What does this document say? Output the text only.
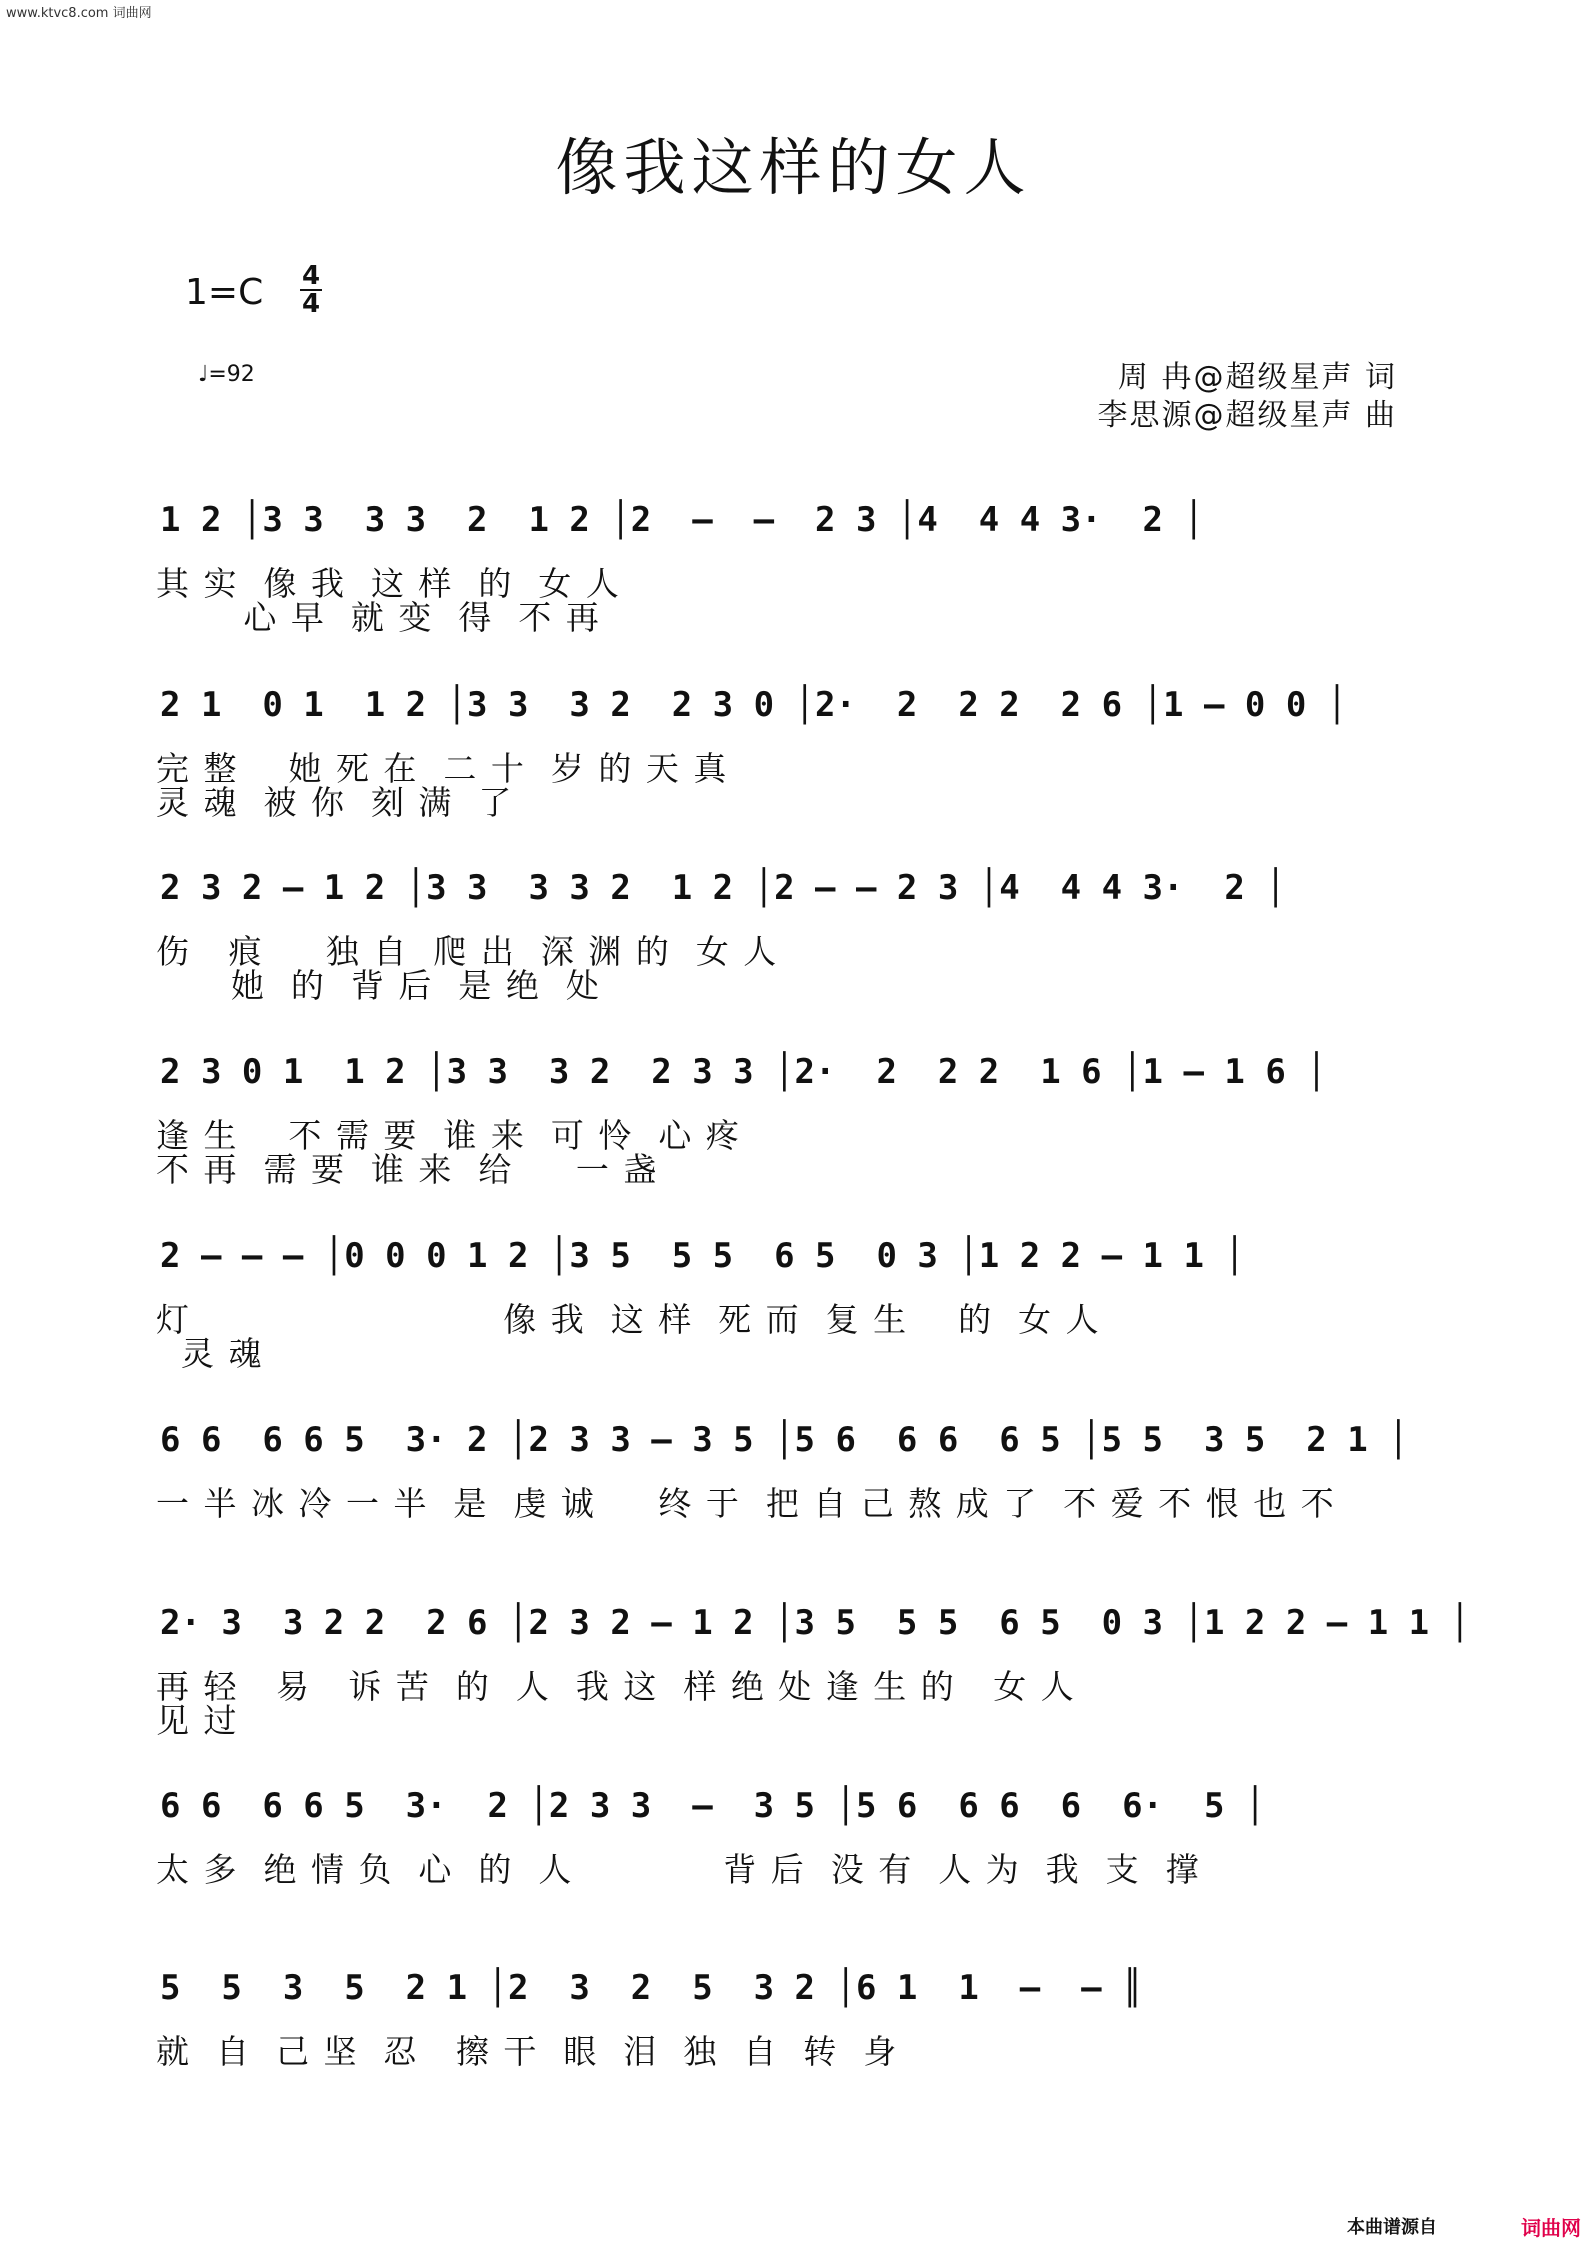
www.ktvc8.com 词曲网
像我这样的女人
1=C 4
4
♩=92	周 冉@超级星声 词
李思源@超级星声 曲
1 2 │3 3  3 3  2  1 2 │2  –  –  2 3 │4  4 4 3·  2 │
其 实  像 我  这 样  的  女 人
心 早  就 变  得  不 再
2 1  0 1  1 2 │3 3  3 2  2 3 0 │2·  2  2 2  2 6 │1 – 0 0 │
完 整    她 死 在  二 十  岁 的 天 真
灵 魂  被 你  刻 满  了
2 3 2 – 1 2 │3 3  3 3 2  1 2 │2 – – 2 3 │4  4 4 3·  2 │
伤   痕     独 自  爬 出  深 渊 的  女 人
她  的  背 后  是 绝  处
2 3 0 1  1 2 │3 3  3 2  2 3 3 │2·  2  2 2  1 6 │1 – 1 6 │
逢 生    不 需 要  谁 来  可 怜  心 疼
不 再  需 要  谁 来  给     一 盏
2 – – – │0 0 0 1 2 │3 5  5 5  6 5  0 3 │1 2 2 – 1 1 │
灯                         像 我  这 样  死 而  复 生    的  女 人
灵 魂
6 6  6 6 5  3· 2 │2 3 3 – 3 5 │5 6  6 6  6 5 │5 5  3 5  2 1 │
一 半 冰 冷 一 半  是  虔 诚     终 于  把 自 己 熬 成 了  不 爱 不 恨 也 不
2· 3  3 2 2  2 6 │2 3 2 – 1 2 │3 5  5 5  6 5  0 3 │1 2 2 – 1 1 │
再 轻   易   诉 苦  的  人  我 这  样 绝 处 逢 生 的   女 人
见 过
6 6  6 6 5  3·  2 │2 3 3  –  3 5 │5 6  6 6  6  6·  5 │
太 多  绝 情 负  心  的  人            背 后  没 有  人 为  我  支  撑
5  5  3  5  2 1 │2  3  2  5  3 2 │6 1  1  –  – ║
就  自  己 坚  忍   擦 干  眼  泪  独  自  转  身
本曲谱源自	词曲网
